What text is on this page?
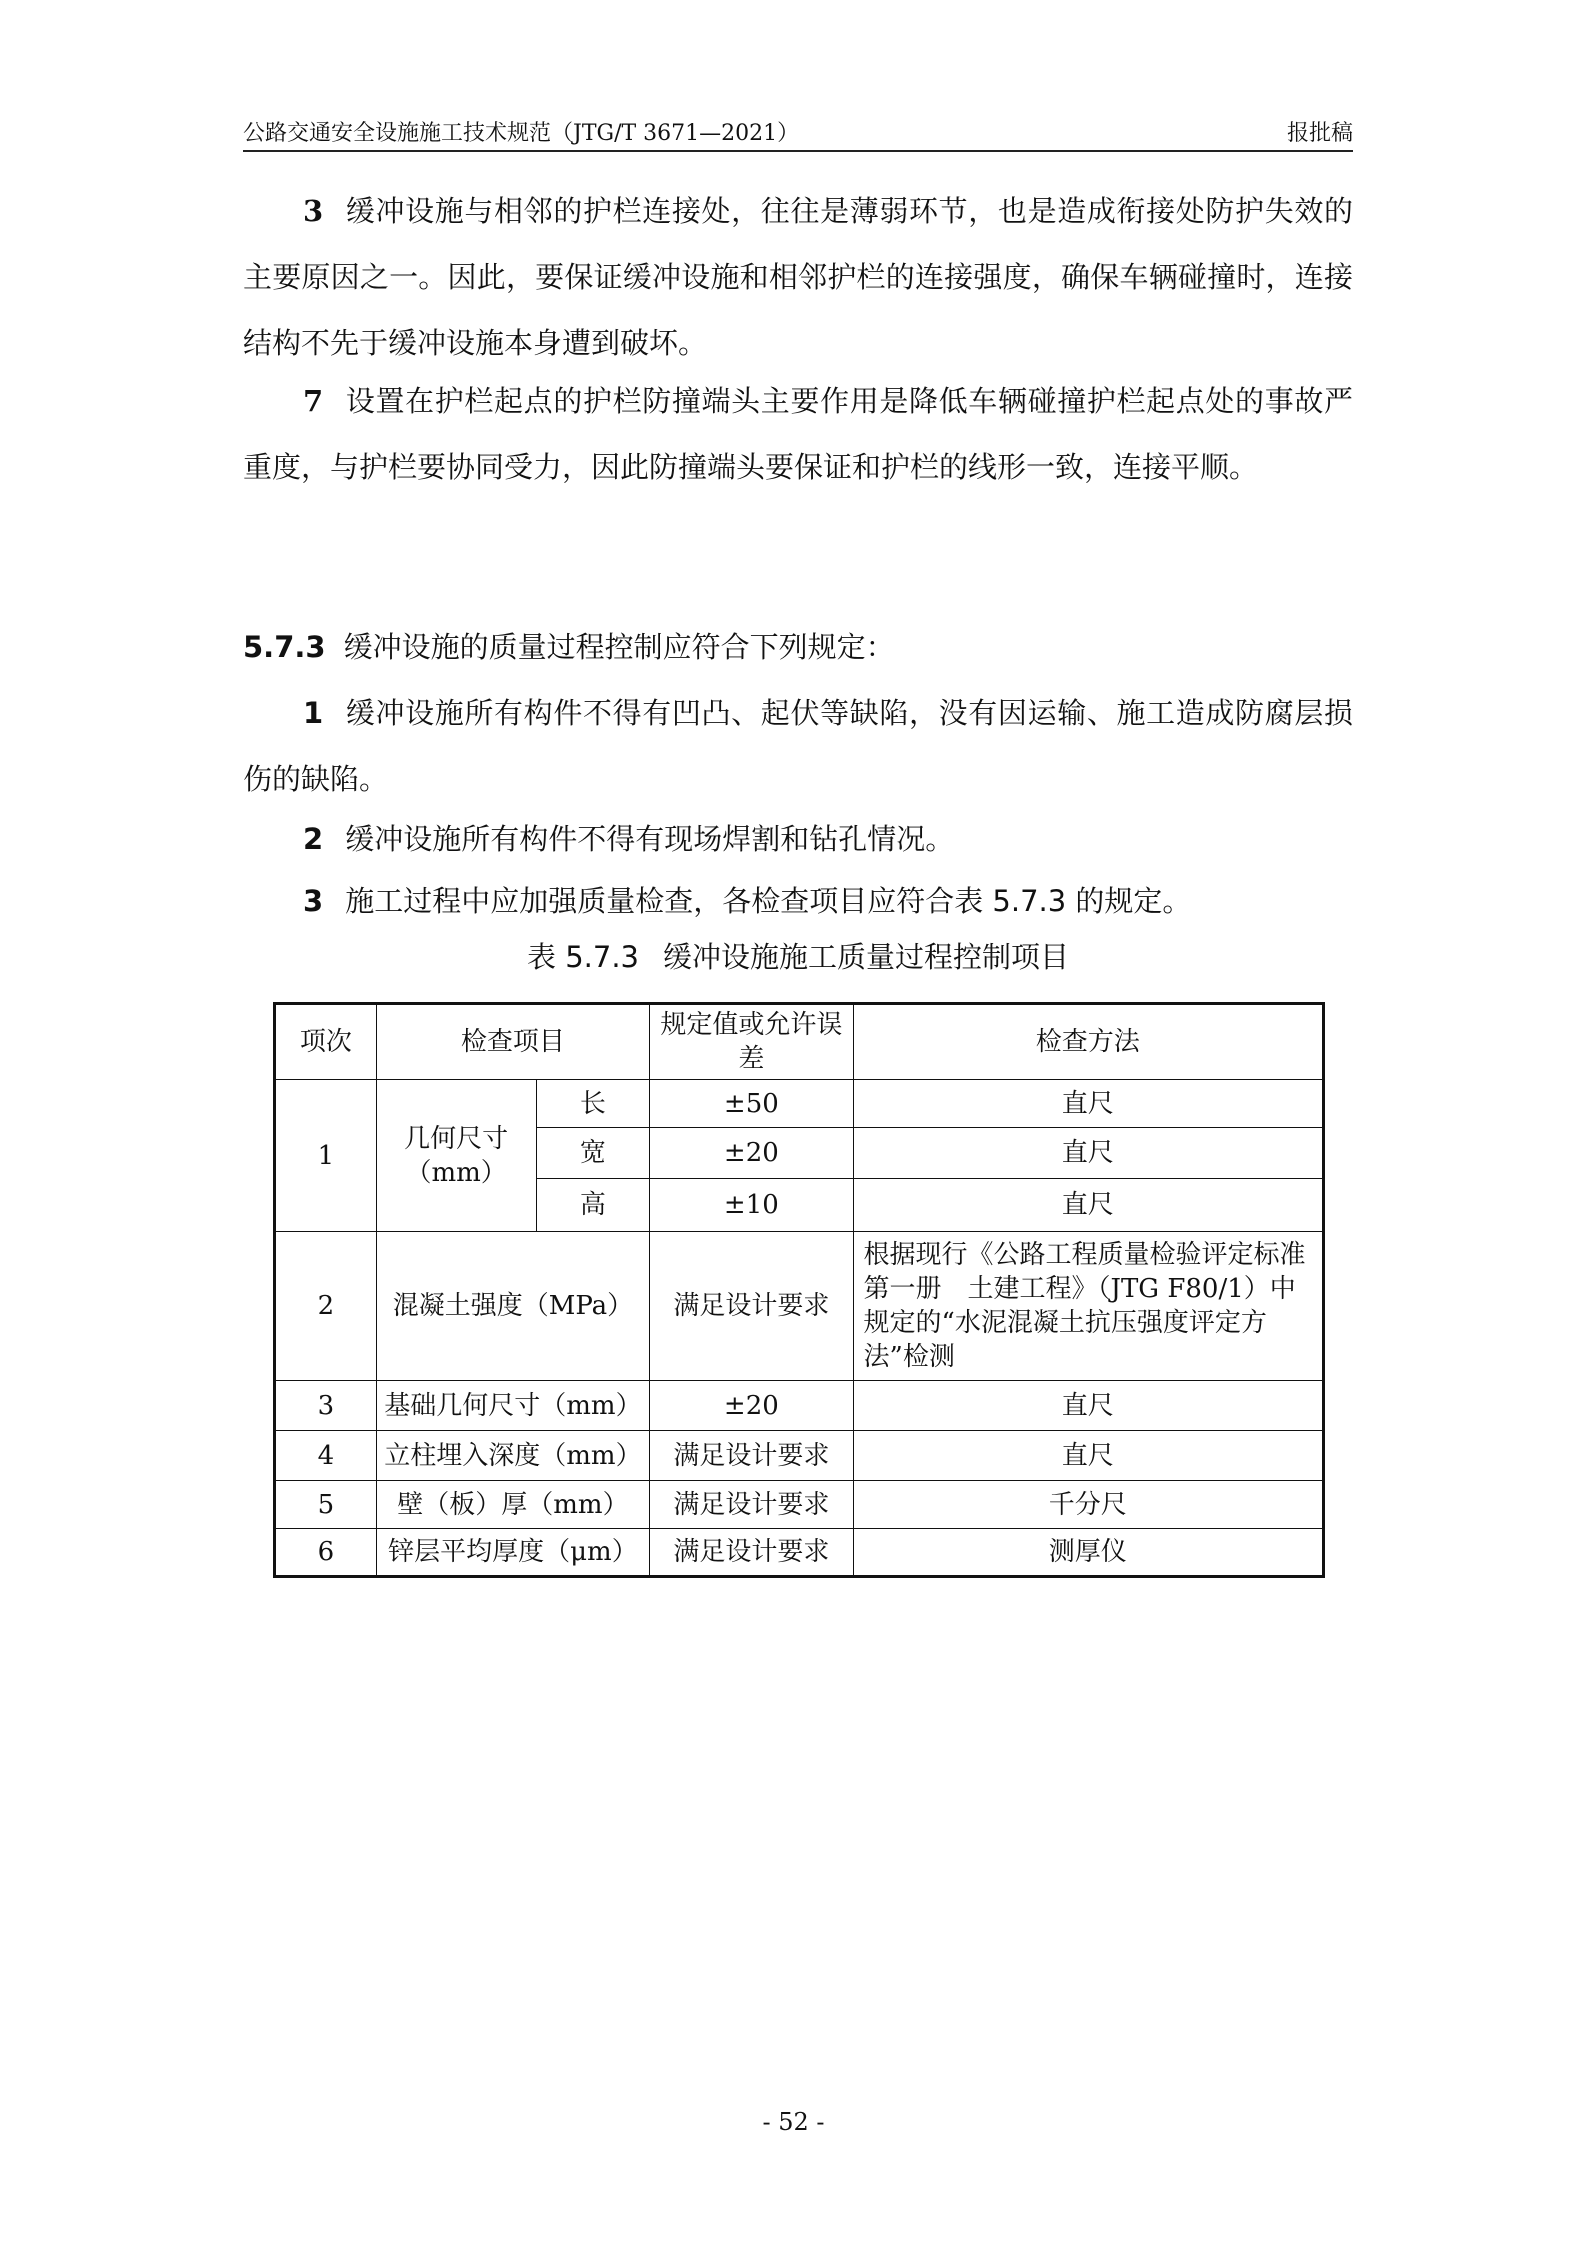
公路交通安全设施施工技术规范（JTG/T 3671—2021）	报批稿

3 缓冲设施与相邻的护栏连接处，往往是薄弱环节，也是造成衔接处防护失效的主要原因之一。因此，要保证缓冲设施和相邻护栏的连接强度，确保车辆碰撞时，连接结构不先于缓冲设施本身遭到破坏。

7 设置在护栏起点的护栏防撞端头主要作用是降低车辆碰撞护栏起点处的事故严重度，与护栏要协同受力，因此防撞端头要保证和护栏的线形一致，连接平顺。

5.7.3 缓冲设施的质量过程控制应符合下列规定：

1 缓冲设施所有构件不得有凹凸、起伏等缺陷，没有因运输、施工造成防腐层损伤的缺陷。

2 缓冲设施所有构件不得有现场焊割和钻孔情况。

3 施工过程中应加强质量检查，各检查项目应符合表 5.7.3 的规定。

表 5.7.3 缓冲设施施工质量过程控制项目
项次	检查项目		规定值或允许误差	检查方法
1	几何尺寸（mm）	长	±50	直尺
		宽	±20	直尺
		高	±10	直尺
2	混凝土强度（MPa）		满足设计要求	根据现行《公路工程质量检验评定标准　第一册　土建工程》（JTG F80/1）中规定的“水泥混凝土抗压强度评定方法”检测
3	基础几何尺寸（mm）		±20	直尺
4	立柱埋入深度（mm）		满足设计要求	直尺
5	壁（板）厚（mm）		满足设计要求	千分尺
6	锌层平均厚度（μm）		满足设计要求	测厚仪
- 52 -
